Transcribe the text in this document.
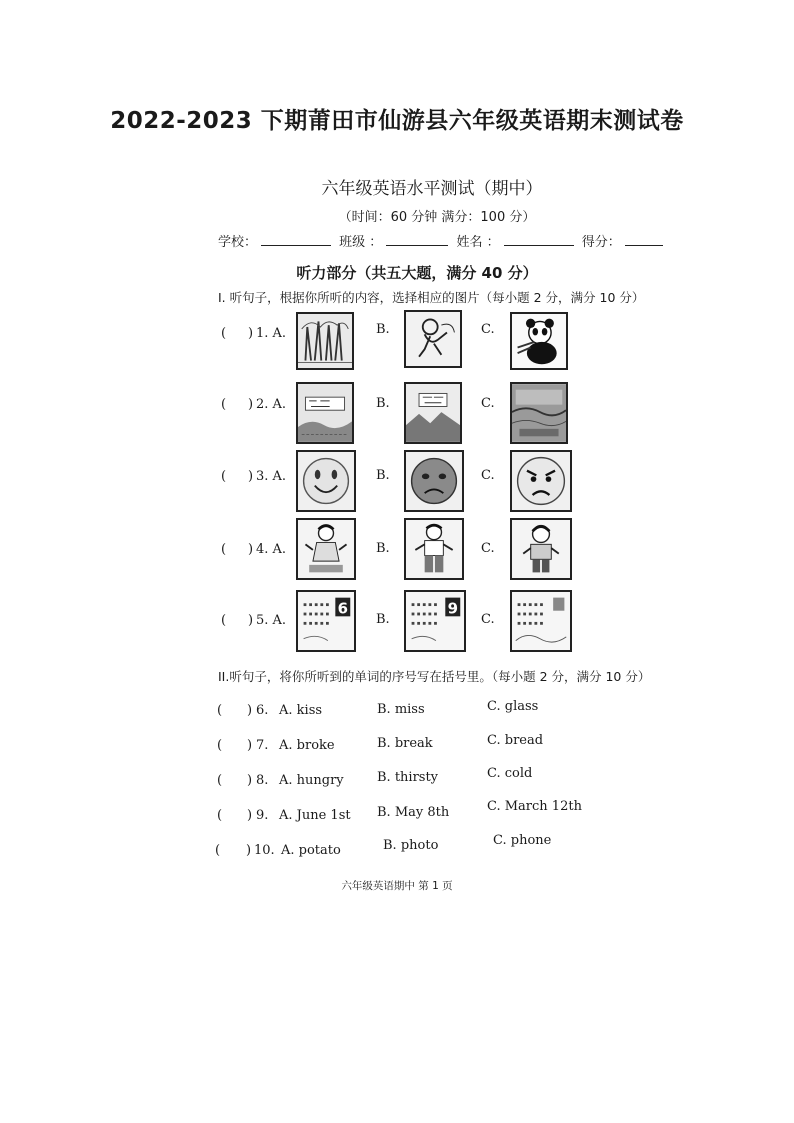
2022-2023 下期莆田市仙游县六年级英语期末测试卷
六年级英语水平测试（期中）
（时间：60 分钟 满分：100 分）
学校：	班级 ：	姓名 ：	得分：
听力部分（共五大题，满分 40 分）
I. 听句子，根据你所听的内容，选择相应的图片（每小题 2 分，满分 10 分）
( ) 1. A.	B.	C.
( ) 2. A.	B.	C.
( ) 3. A.	B.	C.
( ) 4. A.	B.	C.
( ) 5. A.	B.	C.
6	9
II.听句子，将你所听到的单词的序号写在括号里。（每小题 2 分，满分 10 分）
( ) 6. A. kiss	B. miss	C. glass
( ) 7. A. broke	B. break	C. bread
( ) 8. A. hungry	B. thirsty	C. cold
( ) 9. A. June 1st B. May 8th	C. March 12th
( ) 10. A. potato	B. photo	C. phone
六年级英语期中 第 1 页
